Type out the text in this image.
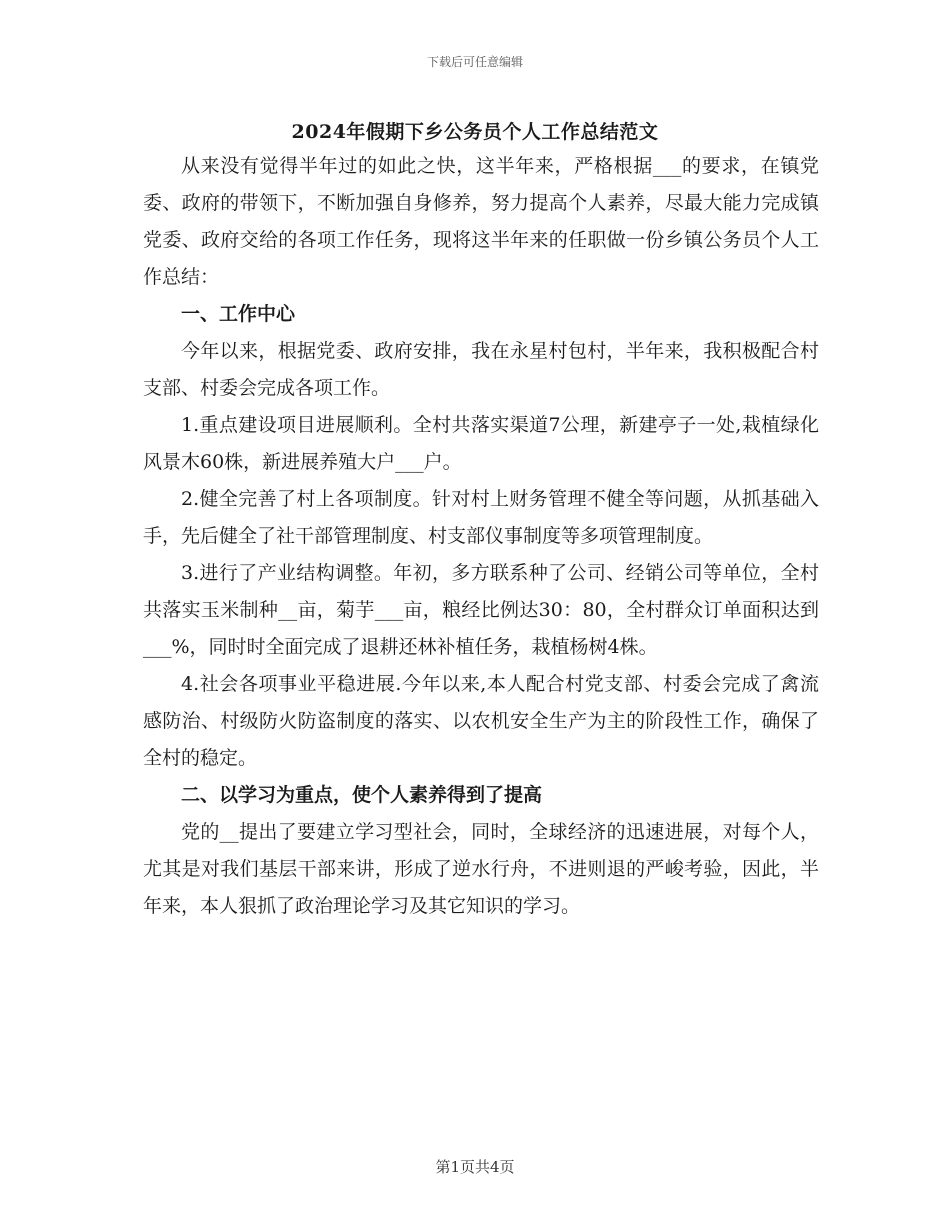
下载后可任意编辑
2024年假期下乡公务员个人工作总结范文

从来没有觉得半年过的如此之快，这半年来，严格根据___的要求，在镇党委、政府的带领下，不断加强自身修养，努力提高个人素养，尽最大能力完成镇党委、政府交给的各项工作任务，现将这半年来的任职做一份乡镇公务员个人工作总结：

一、工作中心

今年以来，根据党委、政府安排，我在永星村包村，半年来，我积极配合村支部、村委会完成各项工作。

1.重点建设项目进展顺利。全村共落实渠道7公理，新建亭子一处,栽植绿化风景木60株，新进展养殖大户___户。

2.健全完善了村上各项制度。针对村上财务管理不健全等问题，从抓基础入手，先后健全了社干部管理制度、村支部仪事制度等多项管理制度。

3.进行了产业结构调整。年初，多方联系种了公司、经销公司等单位，全村共落实玉米制种__亩，菊芋___亩，粮经比例达30：80，全村群众订单面积达到___%，同时时全面完成了退耕还林补植任务，栽植杨树4株。

4.社会各项事业平稳进展.今年以来,本人配合村党支部、村委会完成了禽流感防治、村级防火防盗制度的落实、以农机安全生产为主的阶段性工作，确保了全村的稳定。

二、以学习为重点，使个人素养得到了提高

党的__提出了要建立学习型社会，同时，全球经济的迅速进展，对每个人，尤其是对我们基层干部来讲，形成了逆水行舟，不进则退的严峻考验，因此，半年来，本人狠抓了政治理论学习及其它知识的学习。

第1页共4页
